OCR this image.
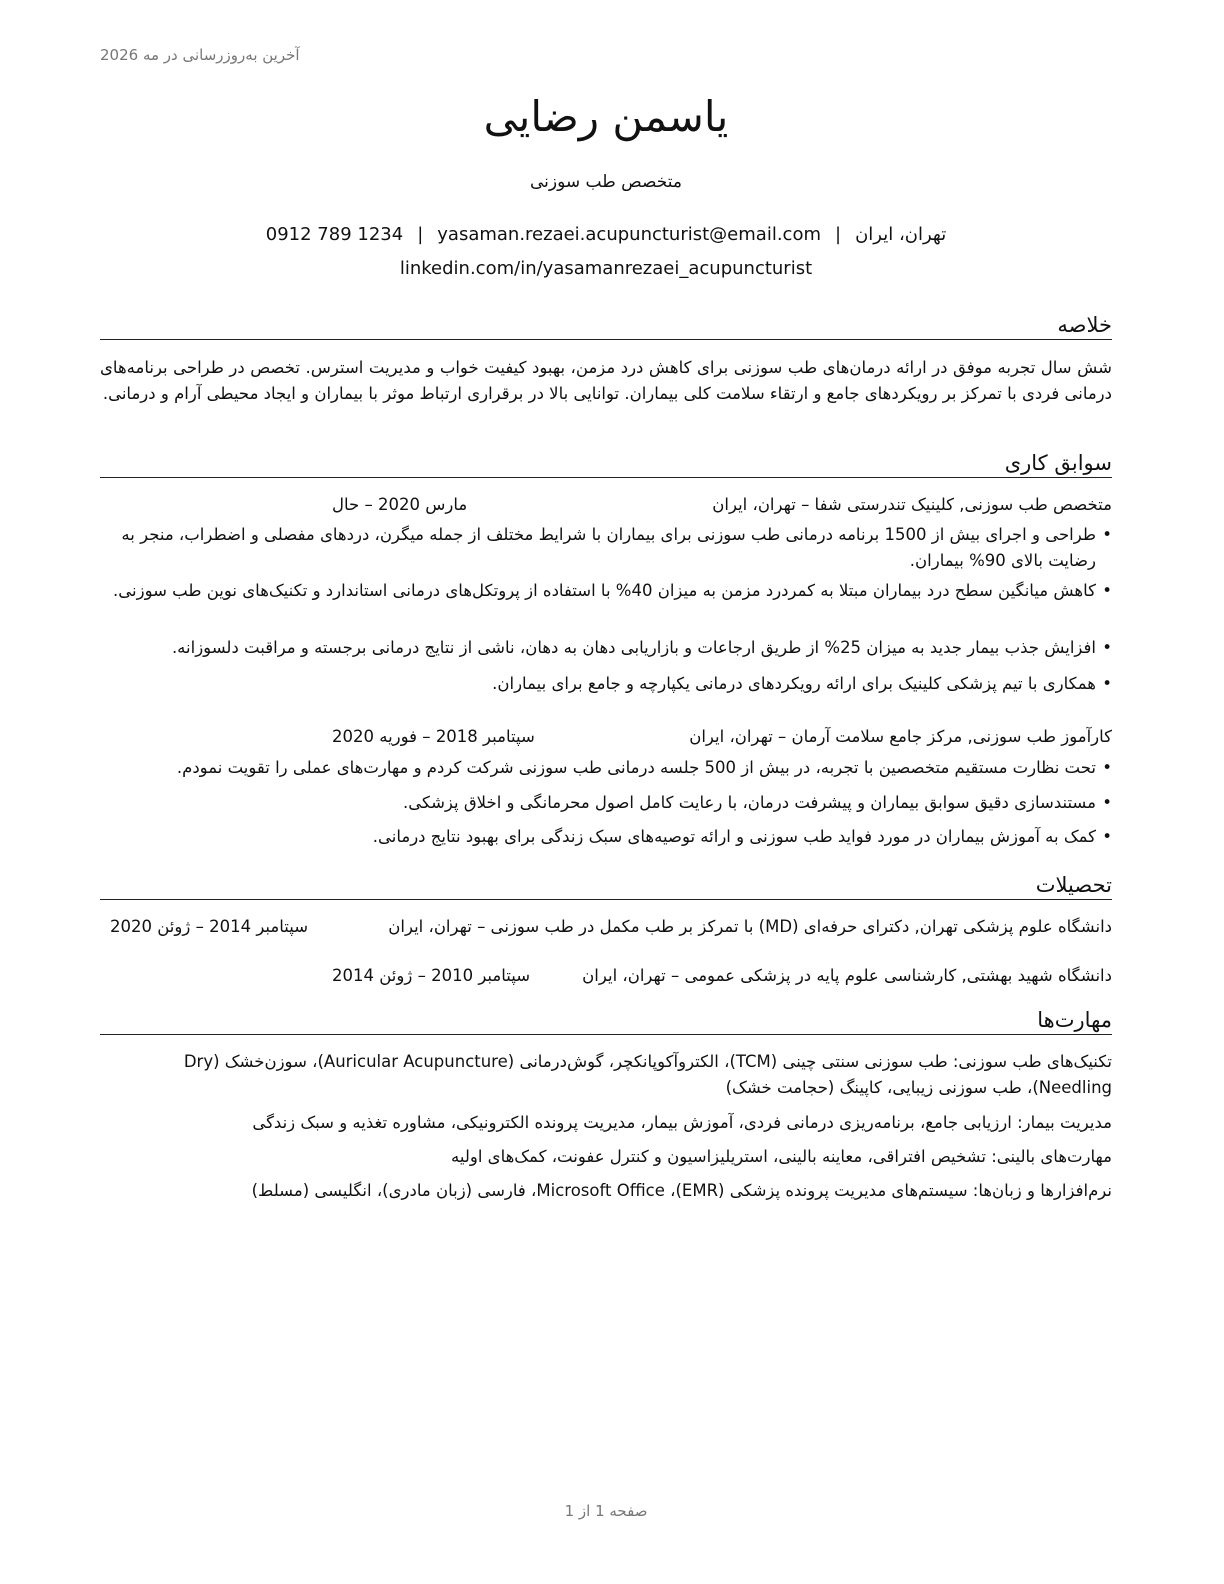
آخرین به‌روزرسانی در مه 2026
یاسمن رضایی
متخصص طب سوزنی
تهران، ایران|yasaman.rezaei.acupuncturist@email.com|0912 789 1234
linkedin.com/in/yasamanrezaei_acupuncturist
خلاصه
شش سال تجربه موفق در ارائه درمان‌های طب سوزنی برای کاهش درد مزمن، بهبود کیفیت خواب و مدیریت استرس. تخصص در طراحی برنامه‌های درمانی فردی با تمرکز بر رویکردهای جامع و ارتقاء سلامت کلی بیماران. توانایی بالا در برقراری ارتباط موثر با بیماران و ایجاد محیطی آرام و درمانی.
سوابق کاری
متخصص طب سوزنی, کلینیک تندرستی شفا – تهران، ایران
مارس 2020 – حال
• طراحی و اجرای بیش از 1500 برنامه درمانی طب سوزنی برای بیماران با شرایط مختلف از جمله میگرن، دردهای مفصلی و اضطراب، منجر به رضایت بالای 90% بیماران.
• کاهش میانگین سطح درد بیماران مبتلا به کمردرد مزمن به میزان 40% با استفاده از پروتکل‌های درمانی استاندارد و تکنیک‌های نوین طب سوزنی.
• افزایش جذب بیمار جدید به میزان 25% از طریق ارجاعات و بازاریابی دهان به دهان، ناشی از نتایج درمانی برجسته و مراقبت دلسوزانه.
• همکاری با تیم پزشکی کلینیک برای ارائه رویکردهای درمانی یکپارچه و جامع برای بیماران.
کارآموز طب سوزنی, مرکز جامع سلامت آرمان – تهران، ایران
سپتامبر 2018 – فوریه 2020
• تحت نظارت مستقیم متخصصین با تجربه، در بیش از 500 جلسه درمانی طب سوزنی شرکت کردم و مهارت‌های عملی را تقویت نمودم.
• مستندسازی دقیق سوابق بیماران و پیشرفت درمان، با رعایت کامل اصول محرمانگی و اخلاق پزشکی.
• کمک به آموزش بیماران در مورد فواید طب سوزنی و ارائه توصیه‌های سبک زندگی برای بهبود نتایج درمانی.
تحصیلات
دانشگاه علوم پزشکی تهران, دکترای حرفه‌ای (MD) با تمرکز بر طب مکمل در طب سوزنی – تهران، ایران
سپتامبر 2014 – ژوئن 2020
دانشگاه شهید بهشتی, کارشناسی علوم پایه در پزشکی عمومی – تهران، ایران
سپتامبر 2010 – ژوئن 2014
مهارت‌ها
تکنیک‌های طب سوزنی: طب سوزنی سنتی چینی (TCM)، الکتروآکوپانکچر، گوش‌درمانی (Auricular Acupuncture)، سوزن‌خشک (Dry Needling)، طب سوزنی زیبایی، کاپینگ (حجامت خشک)
مدیریت بیمار: ارزیابی جامع، برنامه‌ریزی درمانی فردی، آموزش بیمار، مدیریت پرونده الکترونیکی، مشاوره تغذیه و سبک زندگی
مهارت‌های بالینی: تشخیص افتراقی، معاینه بالینی، استریلیزاسیون و کنترل عفونت، کمک‌های اولیه
نرم‌افزارها و زبان‌ها: سیستم‌های مدیریت پرونده پزشکی (EMR)، Microsoft Office، فارسی (زبان مادری)، انگلیسی (مسلط)
صفحه 1 از 1
